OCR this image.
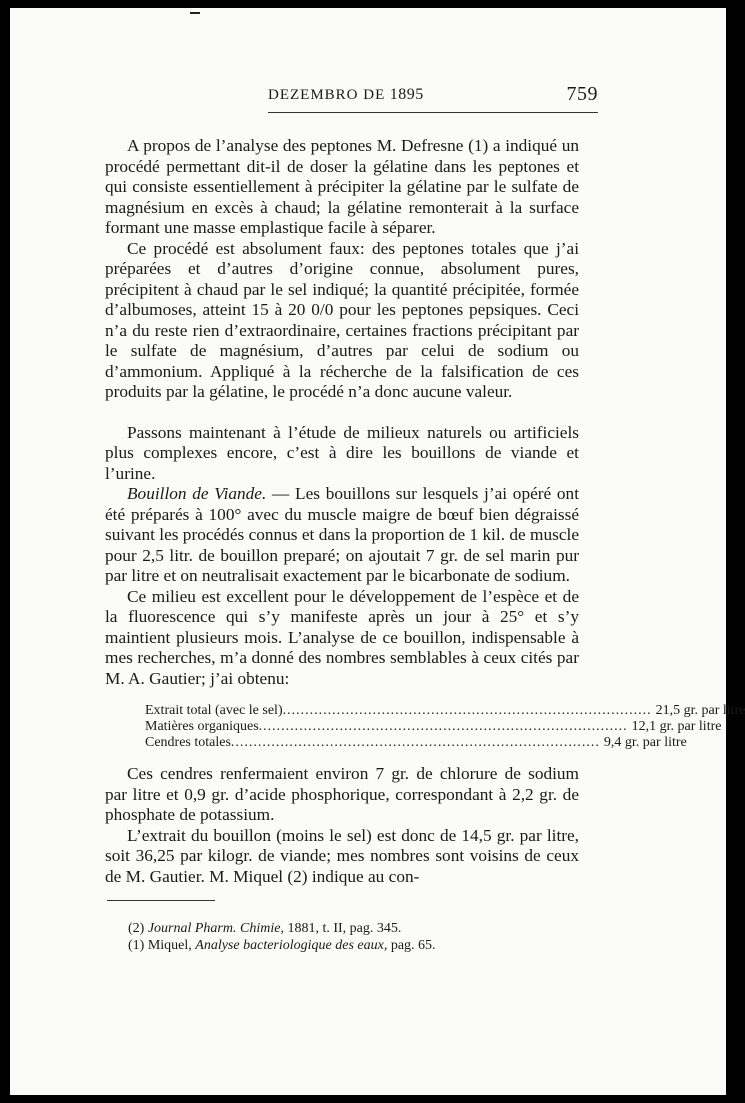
DEZEMBRO DE 1895	759

A propos de l’analyse des peptones M. Defresne (1) a indiqué un procédé permettant dit-il de doser la gélatine dans les peptones et qui consiste essentiellement à précipiter la gélatine par le sulfate de magnésium en excès à chaud; la gélatine remonterait à la surface formant une masse emplastique facile à séparer.

Ce procédé est absolument faux: des peptones totales que j’ai préparées et d’autres d’origine connue, absolument pures, précipitent à chaud par le sel indiqué; la quantité précipitée, formée d’albumoses, atteint 15 à 20 0/0 pour les peptones pepsiques. Ceci n’a du reste rien d’extraordinaire, certaines fractions précipitant par le sulfate de magnésium, d’autres par celui de sodium ou d’ammonium. Appliqué à la récherche de la falsification de ces produits par la gélatine, le procédé n’a donc aucune valeur.

Passons maintenant à l’étude de milieux naturels ou artificiels plus complexes encore, c’est à dire les bouillons de viande et l’urine.

Bouillon de Viande. — Les bouillons sur lesquels j’ai opéré ont été préparés à 100° avec du muscle maigre de bœuf bien dégraissé suivant les procédés connus et dans la proportion de 1 kil. de muscle pour 2,5 litr. de bouillon preparé; on ajoutait 7 gr. de sel marin pur par litre et on neutralisait exactement par le bicarbonate de sodium.

Ce milieu est excellent pour le développement de l’espèce et de la fluorescence qui s’y manifeste après un jour à 25° et s’y maintient plusieurs mois. L’analyse de ce bouillon, indispensable à mes recherches, m’a donné des nombres semblables à ceux cités par M. A. Gautier; j’ai obtenu:

Extrait total (avec le sel) .................................................................................. 21,5 gr. par litre
Matières organiques .................................................................................. 12,1 gr. par litre
Cendres totales .................................................................................. 9,4 gr. par litre

Ces cendres renfermaient environ 7 gr. de chlorure de sodium par litre et 0,9 gr. d’acide phosphorique, correspondant à 2,2 gr. de phosphate de potassium.

L’extrait du bouillon (moins le sel) est donc de 14,5 gr. par litre, soit 36,25 par kilogr. de viande; mes nombres sont voisins de ceux de M. Gautier. M. Miquel (2) indique au con-

(2) Journal Pharm. Chimie, 1881, t. II, pag. 345.
(1) Miquel, Analyse bacteriologique des eaux, pag. 65.
